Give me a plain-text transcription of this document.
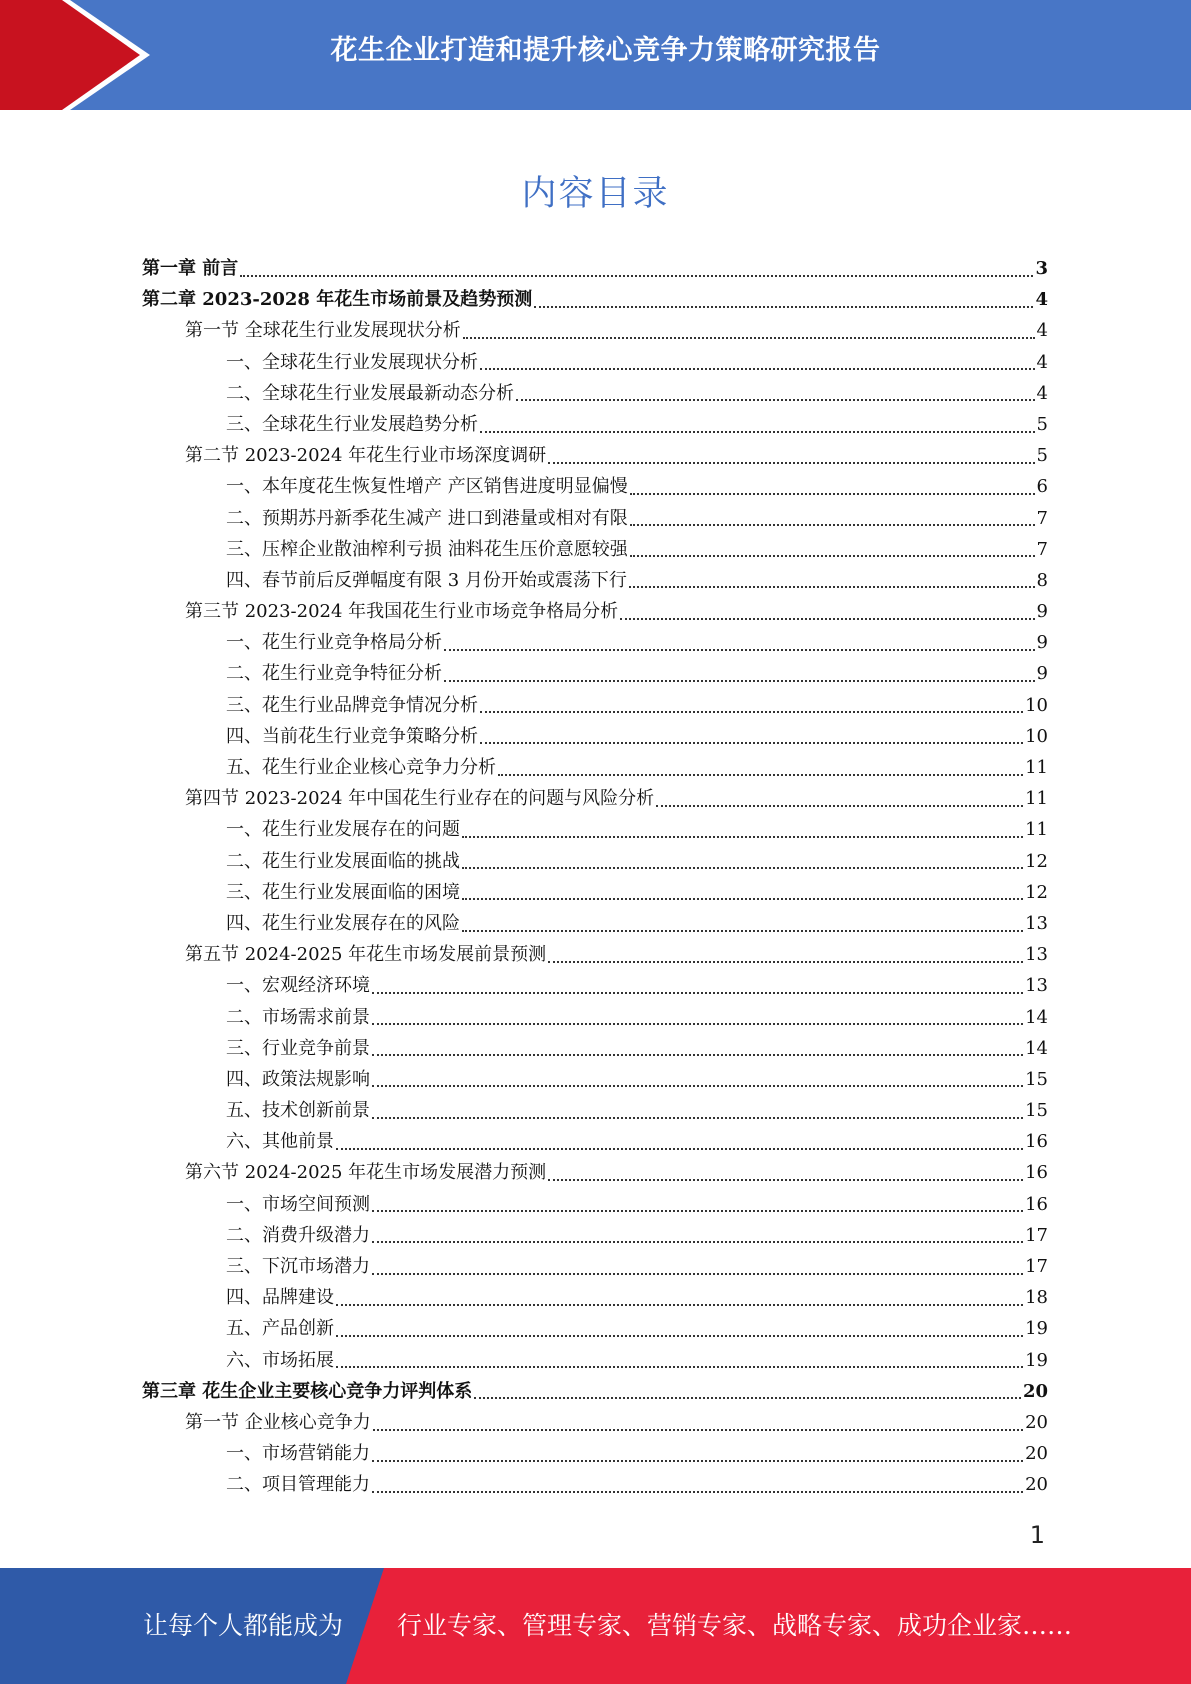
花生企业打造和提升核心竞争力策略研究报告
内容目录
第一章 前言	3
第二章 2023-2028 年花生市场前景及趋势预测	4
第一节 全球花生行业发展现状分析	4
一、全球花生行业发展现状分析	4
二、全球花生行业发展最新动态分析	4
三、全球花生行业发展趋势分析	5
第二节 2023-2024 年花生行业市场深度调研	5
一、本年度花生恢复性增产 产区销售进度明显偏慢	6
二、预期苏丹新季花生减产 进口到港量或相对有限	7
三、压榨企业散油榨利亏损 油料花生压价意愿较强	7
四、春节前后反弹幅度有限 3 月份开始或震荡下行	8
第三节 2023-2024 年我国花生行业市场竞争格局分析	9
一、花生行业竞争格局分析	9
二、花生行业竞争特征分析	9
三、花生行业品牌竞争情况分析	10
四、当前花生行业竞争策略分析	10
五、花生行业企业核心竞争力分析	11
第四节 2023-2024 年中国花生行业存在的问题与风险分析	11
一、花生行业发展存在的问题	11
二、花生行业发展面临的挑战	12
三、花生行业发展面临的困境	12
四、花生行业发展存在的风险	13
第五节 2024-2025 年花生市场发展前景预测	13
一、宏观经济环境	13
二、市场需求前景	14
三、行业竞争前景	14
四、政策法规影响	15
五、技术创新前景	15
六、其他前景	16
第六节 2024-2025 年花生市场发展潜力预测	16
一、市场空间预测	16
二、消费升级潜力	17
三、下沉市场潜力	17
四、品牌建设	18
五、产品创新	19
六、市场拓展	19
第三章 花生企业主要核心竞争力评判体系	20
第一节 企业核心竞争力	20
一、市场营销能力	20
二、项目管理能力	20
1
让每个人都能成为 行业专家、管理专家、营销专家、战略专家、成功企业家……
